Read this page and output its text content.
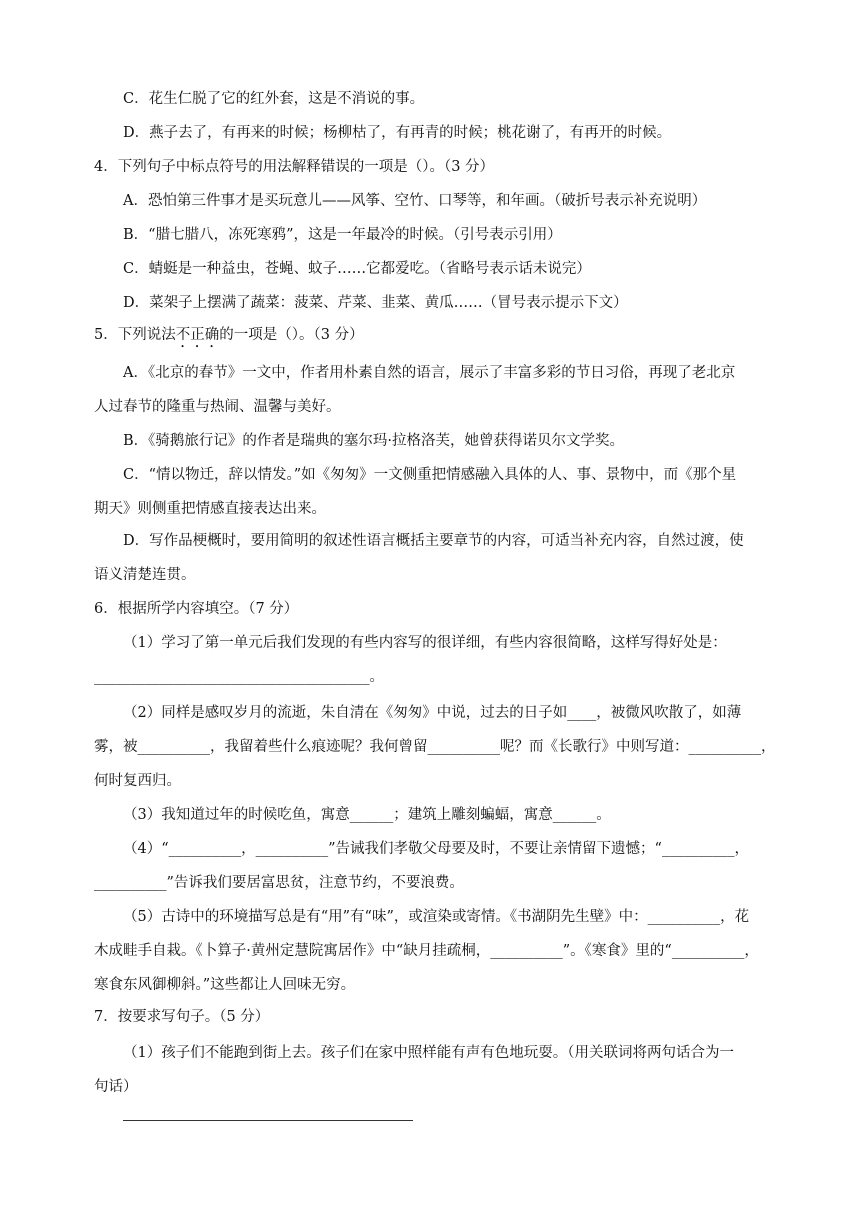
C．花生仁脱了它的红外套，这是不消说的事。
D．燕子去了，有再来的时候；杨柳枯了，有再青的时候；桃花谢了，有再开的时候。
4．下列句子中标点符号的用法解释错误的一项是（）。（3 分）
A．恐怕第三件事才是买玩意儿——风筝、空竹、口琴等，和年画。（破折号表示补充说明）
B．“腊七腊八，冻死寒鸦”，这是一年最冷的时候。（引号表示引用）
C．蜻蜓是一种益虫，苍蝇、蚊子……它都爱吃。（省略号表示话未说完）
D．菜架子上摆满了蔬菜：菠菜、芹菜、韭菜、黄瓜……（冒号表示提示下文）
5．下列说法不正确的一项是（）。（3 分）
A．《北京的春节》一文中，作者用朴素自然的语言，展示了丰富多彩的节日习俗，再现了老北京
人过春节的隆重与热闹、温馨与美好。
B．《骑鹅旅行记》的作者是瑞典的塞尔玛·拉格洛芙，她曾获得诺贝尔文学奖。
C．“情以物迁，辞以情发。”如《匆匆》一文侧重把情感融入具体的人、事、景物中，而《那个星
期天》则侧重把情感直接表达出来。
D．写作品梗概时，要用简明的叙述性语言概括主要章节的内容，可适当补充内容，自然过渡，使
语义清楚连贯。
6．根据所学内容填空。（7 分）
（1）学习了第一单元后我们发现的有些内容写的很详细，有些内容很简略，这样写得好处是：
______________________________________。
（2）同样是感叹岁月的流逝，朱自清在《匆匆》中说，过去的日子如____，被微风吹散了，如薄
雾，被__________，我留着些什么痕迹呢？我何曾留__________呢？而《长歌行》中则写道：__________，
何时复西归。
（3）我知道过年的时候吃鱼，寓意______；建筑上雕刻蝙蝠，寓意______。
（4）“__________，__________”告诫我们孝敬父母要及时，不要让亲情留下遗憾；“__________，
__________”告诉我们要居富思贫，注意节约，不要浪费。
（5）古诗中的环境描写总是有“用”有“味”，或渲染或寄情。《书湖阴先生壁》中：__________，花
木成畦手自栽。《卜算子·黄州定慧院寓居作》中“缺月挂疏桐，__________”。《寒食》里的“__________，
寒食东风御柳斜。”这些都让人回味无穷。
7．按要求写句子。（5 分）
（1）孩子们不能跑到街上去。孩子们在家中照样能有声有色地玩耍。（用关联词将两句话合为一
句话）
